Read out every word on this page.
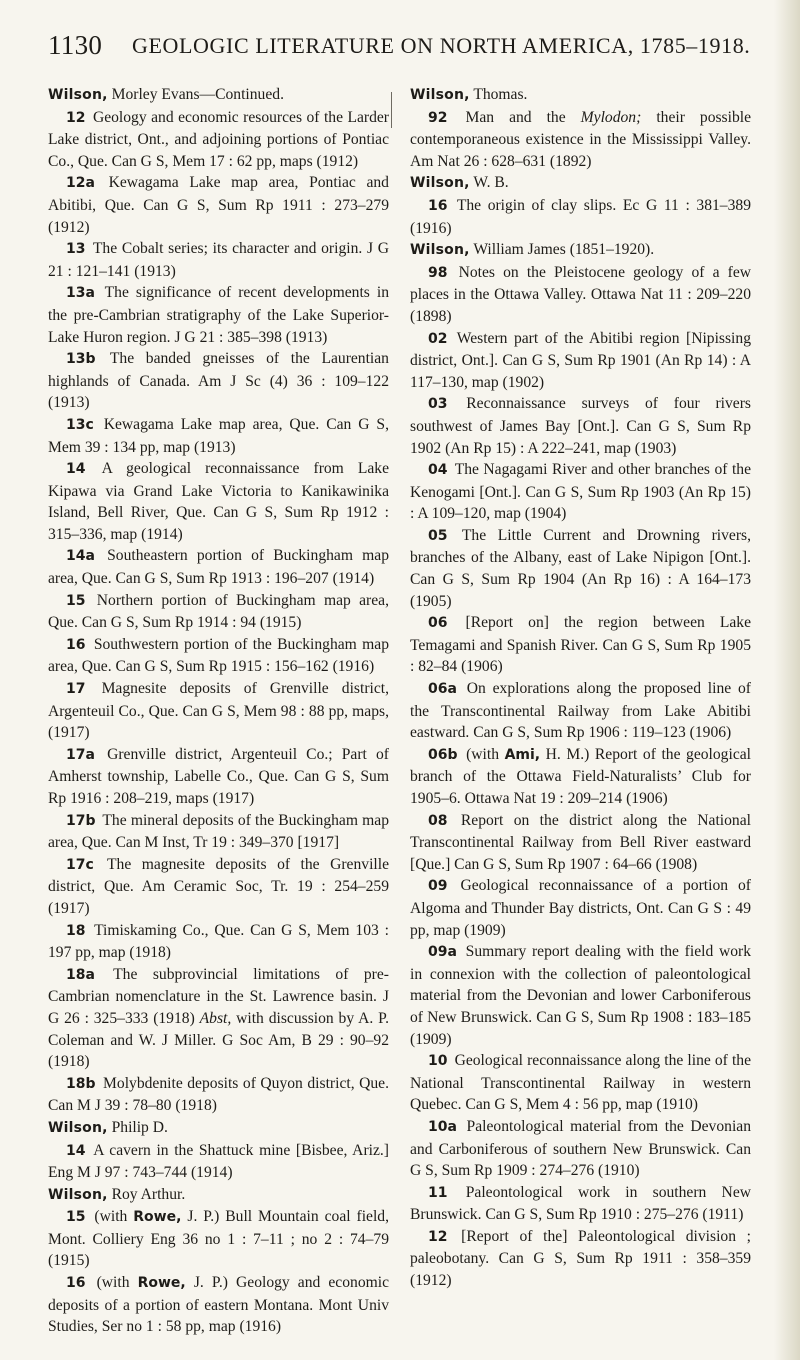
1130 GEOLOGIC LITERATURE ON NORTH AMERICA, 1785–1918.

Wilson, Morley Evans—Continued.

12 Geology and economic resources of the Larder Lake district, Ont., and adjoining portions of Pontiac Co., Que. Can G S, Mem 17 : 62 pp, maps (1912)

12a Kewagama Lake map area, Pontiac and Abitibi, Que. Can G S, Sum Rp 1911 : 273–279 (1912)

13 The Cobalt series; its character and origin. J G 21 : 121–141 (1913)

13a The significance of recent developments in the pre-Cambrian stratigraphy of the Lake Superior-Lake Huron region. J G 21 : 385–398 (1913)

13b The banded gneisses of the Laurentian highlands of Canada. Am J Sc (4) 36 : 109–122 (1913)

13c Kewagama Lake map area, Que. Can G S, Mem 39 : 134 pp, map (1913)

14 A geological reconnaissance from Lake Kipawa via Grand Lake Victoria to Kanikawinika Island, Bell River, Que. Can G S, Sum Rp 1912 : 315–336, map (1914)

14a Southeastern portion of Buckingham map area, Que. Can G S, Sum Rp 1913 : 196–207 (1914)

15 Northern portion of Buckingham map area, Que. Can G S, Sum Rp 1914 : 94 (1915)

16 Southwestern portion of the Buckingham map area, Que. Can G S, Sum Rp 1915 : 156–162 (1916)

17 Magnesite deposits of Grenville district, Argenteuil Co., Que. Can G S, Mem 98 : 88 pp, maps, (1917)

17a Grenville district, Argenteuil Co.; Part of Amherst township, Labelle Co., Que. Can G S, Sum Rp 1916 : 208–219, maps (1917)

17b The mineral deposits of the Buckingham map area, Que. Can M Inst, Tr 19 : 349–370 [1917]

17c The magnesite deposits of the Grenville district, Que. Am Ceramic Soc, Tr. 19 : 254–259 (1917)

18 Timiskaming Co., Que. Can G S, Mem 103 : 197 pp, map (1918)

18a The subprovincial limitations of pre-Cambrian nomenclature in the St. Lawrence basin. J G 26 : 325–333 (1918) Abst, with discussion by A. P. Coleman and W. J Miller. G Soc Am, B 29 : 90–92 (1918)

18b Molybdenite deposits of Quyon district, Que. Can M J 39 : 78–80 (1918)

Wilson, Philip D.

14 A cavern in the Shattuck mine [Bisbee, Ariz.] Eng M J 97 : 743–744 (1914)

Wilson, Roy Arthur.

15 (with Rowe, J. P.) Bull Mountain coal field, Mont. Colliery Eng 36 no 1 : 7–11 ; no 2 : 74–79 (1915)

16 (with Rowe, J. P.) Geology and economic deposits of a portion of eastern Montana. Mont Univ Studies, Ser no 1 : 58 pp, map (1916)

Wilson, Thomas.

92 Man and the Mylodon; their possible contemporaneous existence in the Mississippi Valley. Am Nat 26 : 628–631 (1892)

Wilson, W. B.

16 The origin of clay slips. Ec G 11 : 381–389 (1916)

Wilson, William James (1851–1920).

98 Notes on the Pleistocene geology of a few places in the Ottawa Valley. Ottawa Nat 11 : 209–220 (1898)

02 Western part of the Abitibi region [Nipissing district, Ont.]. Can G S, Sum Rp 1901 (An Rp 14) : A 117–130, map (1902)

03 Reconnaissance surveys of four rivers southwest of James Bay [Ont.]. Can G S, Sum Rp 1902 (An Rp 15) : A 222–241, map (1903)

04 The Nagagami River and other branches of the Kenogami [Ont.]. Can G S, Sum Rp 1903 (An Rp 15) : A 109–120, map (1904)

05 The Little Current and Drowning rivers, branches of the Albany, east of Lake Nipigon [Ont.]. Can G S, Sum Rp 1904 (An Rp 16) : A 164–173 (1905)

06 [Report on] the region between Lake Temagami and Spanish River. Can G S, Sum Rp 1905 : 82–84 (1906)

06a On explorations along the proposed line of the Transcontinental Railway from Lake Abitibi eastward. Can G S, Sum Rp 1906 : 119–123 (1906)

06b (with Ami, H. M.) Report of the geological branch of the Ottawa Field-Naturalists’ Club for 1905–6. Ottawa Nat 19 : 209–214 (1906)

08 Report on the district along the National Transcontinental Railway from Bell River eastward [Que.] Can G S, Sum Rp 1907 : 64–66 (1908)

09 Geological reconnaissance of a portion of Algoma and Thunder Bay districts, Ont. Can G S : 49 pp, map (1909)

09a Summary report dealing with the field work in connexion with the collection of paleontological material from the Devonian and lower Carboniferous of New Brunswick. Can G S, Sum Rp 1908 : 183–185 (1909)

10 Geological reconnaissance along the line of the National Transcontinental Railway in western Quebec. Can G S, Mem 4 : 56 pp, map (1910)

10a Paleontological material from the Devonian and Carboniferous of southern New Brunswick. Can G S, Sum Rp 1909 : 274–276 (1910)

11 Paleontological work in southern New Brunswick. Can G S, Sum Rp 1910 : 275–276 (1911)

12 [Report of the] Paleontological division ; paleobotany. Can G S, Sum Rp 1911 : 358–359 (1912)
